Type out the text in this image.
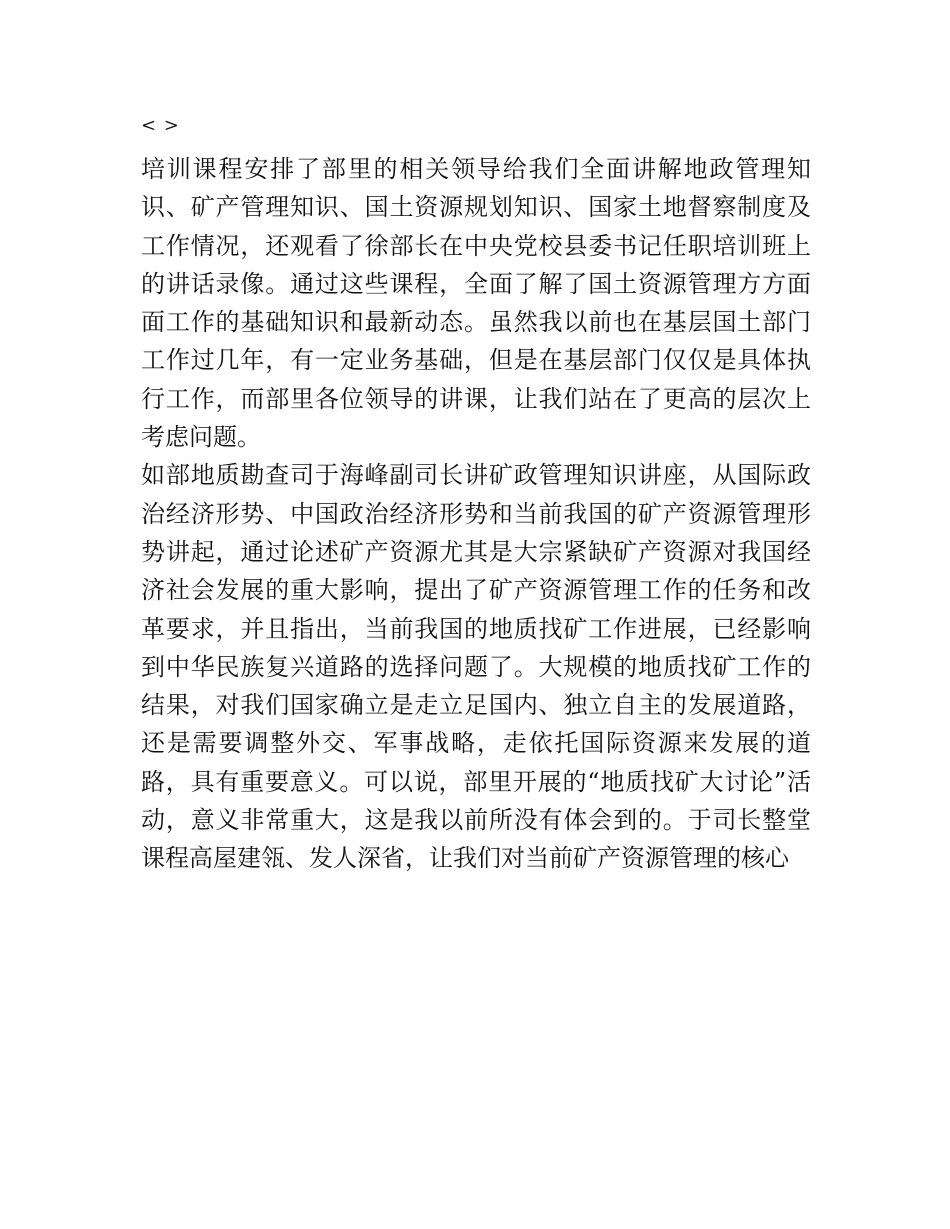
< >

培训课程安排了部里的相关领导给我们全面讲解地政管理知识、矿产管理知识、国土资源规划知识、国家土地督察制度及工作情况，还观看了徐部长在中央党校县委书记任职培训班上的讲话录像。通过这些课程，全面了解了国土资源管理方方面面工作的基础知识和最新动态。虽然我以前也在基层国土部门工作过几年，有一定业务基础，但是在基层部门仅仅是具体执行工作，而部里各位领导的讲课，让我们站在了更高的层次上考虑问题。

如部地质勘查司于海峰副司长讲矿政管理知识讲座，从国际政治经济形势、中国政治经济形势和当前我国的矿产资源管理形势讲起，通过论述矿产资源尤其是大宗紧缺矿产资源对我国经济社会发展的重大影响，提出了矿产资源管理工作的任务和改革要求，并且指出，当前我国的地质找矿工作进展，已经影响到中华民族复兴道路的选择问题了。大规模的地质找矿工作的结果，对我们国家确立是走立足国内、独立自主的发展道路，还是需要调整外交、军事战略，走依托国际资源来发展的道路，具有重要意义。可以说，部里开展的“地质找矿大讨论”活动，意义非常重大，这是我以前所没有体会到的。于司长整堂课程高屋建瓴、发人深省，让我们对当前矿产资源管理的核心
